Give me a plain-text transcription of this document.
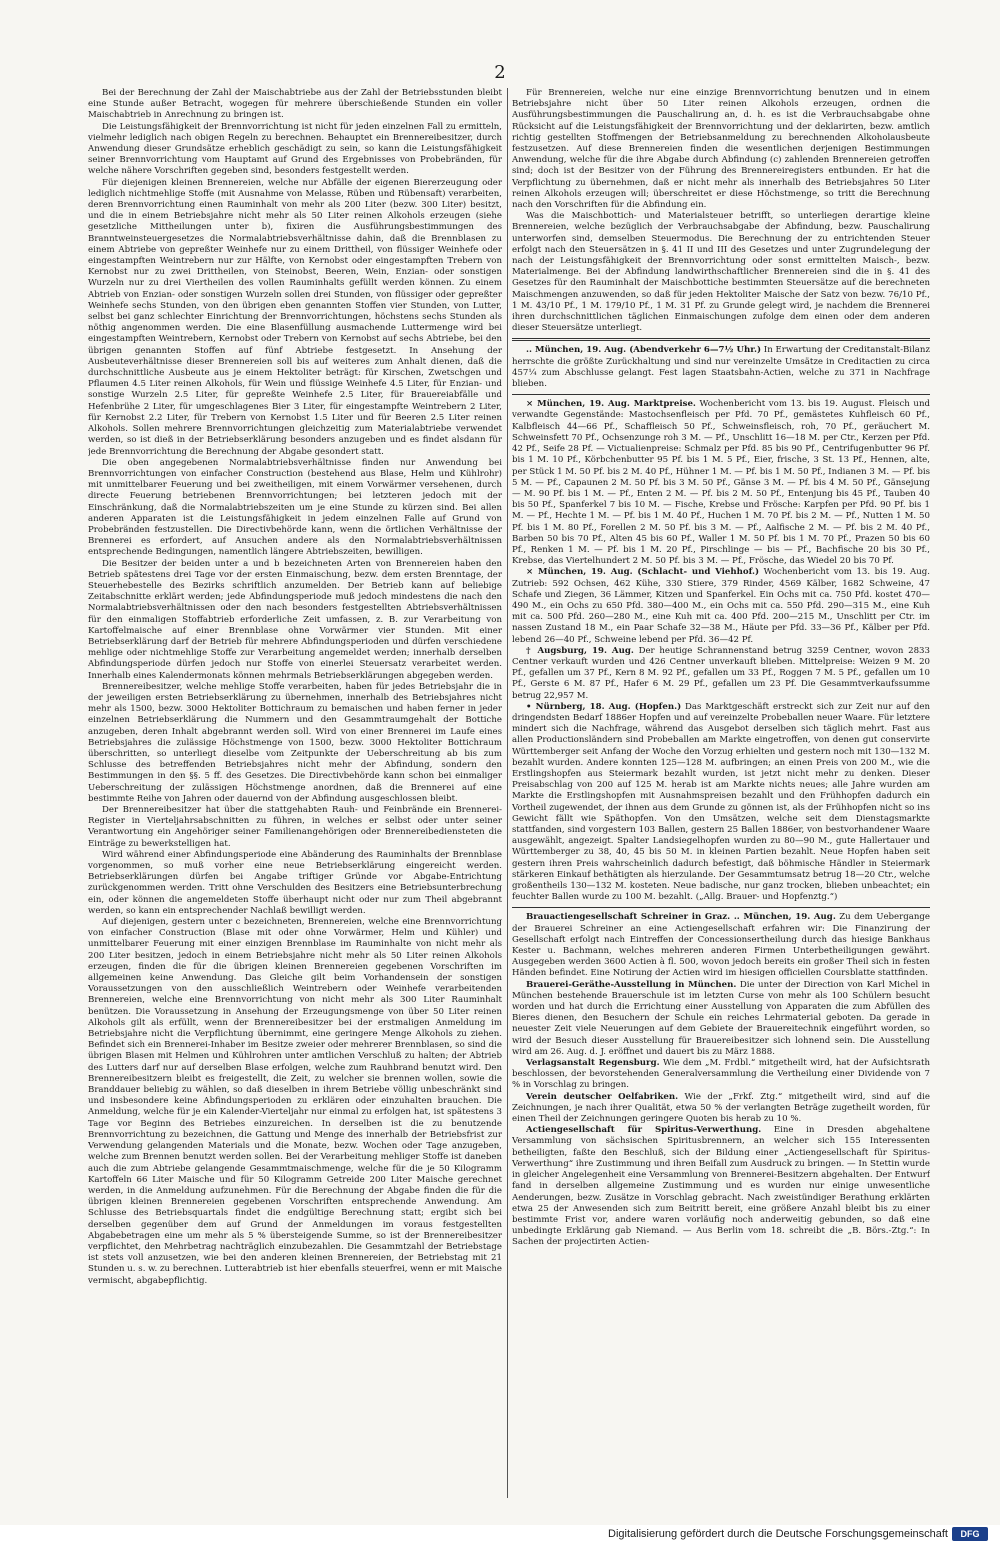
2

Bei der Berechnung der Zahl der Maischabtriebe aus der Zahl der Betriebsstunden bleibt eine Stunde außer Betracht, wogegen für mehrere überschießende Stunden ein voller Maischabtrieb in Anrechnung zu bringen ist.

Die Leistungsfähigkeit der Brennvorrichtung ist nicht für jeden einzelnen Fall zu ermitteln, vielmehr lediglich nach obigen Regeln zu berechnen. Behauptet ein Brennereibesitzer, durch Anwendung dieser Grundsätze erheblich geschädigt zu sein, so kann die Leistungsfähigkeit seiner Brennvorrichtung vom Hauptamt auf Grund des Ergebnisses von Probebränden, für welche nähere Vorschriften gegeben sind, besonders festgestellt werden.

Für diejenigen kleinen Brennereien, welche nur Abfälle der eigenen Biererzeugung oder lediglich nichtmehlige Stoffe (mit Ausnahme von Melasse, Rüben und Rübensaft) verarbeiten, deren Brennvorrichtung einen Rauminhalt von mehr als 200 Liter (bezw. 300 Liter) besitzt, und die in einem Betriebsjahre nicht mehr als 50 Liter reinen Alkohols erzeugen (siehe gesetzliche Mittheilungen unter b), fixiren die Ausführungsbestimmungen des Branntweinsteuergesetzes die Normalabtriebsverhältnisse dahin, daß die Brennblasen zu einem Abtriebe von gepreßter Weinhefe nur zu einem Drittheil, von flüssiger Weinhefe oder eingestampften Weintrebern nur zur Hälfte, von Kernobst oder eingestampften Trebern von Kernobst nur zu zwei Drittheilen, von Steinobst, Beeren, Wein, Enzian- oder sonstigen Wurzeln nur zu drei Viertheilen des vollen Rauminhalts gefüllt werden können. Zu einem Abtrieb von Enzian- oder sonstigen Wurzeln sollen drei Stunden, von flüssiger oder gepreßter Weinhefe sechs Stunden, von den übrigen eben genannten Stoffen vier Stunden, von Lutter, selbst bei ganz schlechter Einrichtung der Brennvorrichtungen, höchstens sechs Stunden als nöthig angenommen werden. Die eine Blasenfüllung ausmachende Luttermenge wird bei eingestampften Weintrebern, Kernobst oder Trebern von Kernobst auf sechs Abtriebe, bei den übrigen genannten Stoffen auf fünf Abtriebe festgesetzt. In Ansehung der Ausbeuteverhältnisse dieser Brennereien soll bis auf weiteres zum Anhalt dienen, daß die durchschnittliche Ausbeute aus je einem Hektoliter beträgt: für Kirschen, Zwetschgen und Pflaumen 4.5 Liter reinen Alkohols, für Wein und flüssige Weinhefe 4.5 Liter, für Enzian- und sonstige Wurzeln 2.5 Liter, für gepreßte Weinhefe 2.5 Liter, für Brauereiabfälle und Hefenbrühe 2 Liter, für umgeschlagenes Bier 3 Liter, für eingestampfte Weintrebern 2 Liter, für Kernobst 2.2 Liter, für Trebern von Kernobst 1.5 Liter und für Beeren 2.5 Liter reinen Alkohols. Sollen mehrere Brennvorrichtungen gleichzeitig zum Materialabtriebe verwendet werden, so ist dieß in der Betriebserklärung besonders anzugeben und es findet alsdann für jede Brennvorrichtung die Berechnung der Abgabe gesondert statt.

Die oben angegebenen Normalabtriebsverhältnisse finden nur Anwendung bei Brennvorrichtungen von einfacher Construction (bestehend aus Blase, Helm und Kühlrohr) mit unmittelbarer Feuerung und bei zweitheiligen, mit einem Vorwärmer versehenen, durch directe Feuerung betriebenen Brennvorrichtungen; bei letzteren jedoch mit der Einschränkung, daß die Normalabtriebszeiten um je eine Stunde zu kürzen sind. Bei allen anderen Apparaten ist die Leistungsfähigkeit in jedem einzelnen Falle auf Grund von Probebränden festzustellen. Die Directivbehörde kann, wenn die örtlichen Verhältnisse der Brennerei es erfordert, auf Ansuchen andere als den Normalabtriebsverhältnissen entsprechende Bedingungen, namentlich längere Abtriebszeiten, bewilligen.

Die Besitzer der beiden unter a und b bezeichneten Arten von Brennereien haben den Betrieb spätestens drei Tage vor der ersten Einmaischung, bezw. dem ersten Brenntage, der Steuerhebestelle des Bezirks schriftlich anzumelden. Der Betrieb kann auf beliebige Zeitabschnitte erklärt werden; jede Abfindungsperiode muß jedoch mindestens die nach den Normalabtriebsverhältnissen oder den nach besonders festgestellten Abtriebsverhältnissen für den einmaligen Stoffabtrieb erforderliche Zeit umfassen, z. B. zur Verarbeitung von Kartoffelmaische auf einer Brennblase ohne Vorwärmer vier Stunden. Mit einer Betriebserklärung darf der Betrieb für mehrere Abfindungsperioden und dürfen verschiedene mehlige oder nichtmehlige Stoffe zur Verarbeitung angemeldet werden; innerhalb derselben Abfindungsperiode dürfen jedoch nur Stoffe von einerlei Steuersatz verarbeitet werden. Innerhalb eines Kalendermonats können mehrmals Betriebserklärungen abgegeben werden.

Brennereibesitzer, welche mehlige Stoffe verarbeiten, haben für jedes Betriebsjahr die in der jeweiligen ersten Betriebserklärung zu übernehmen, innerhalb des Betriebsjahres nicht mehr als 1500, bezw. 3000 Hektoliter Bottichraum zu bemaischen und haben ferner in jeder einzelnen Betriebserklärung die Nummern und den Gesammtraumgehalt der Bottiche anzugeben, deren Inhalt abgebrannt werden soll. Wird von einer Brennerei im Laufe eines Betriebsjahres die zulässige Höchstmenge von 1500, bezw. 3000 Hektoliter Bottichraum überschritten, so unterliegt dieselbe vom Zeitpunkte der Ueberschreitung ab bis zum Schlusse des betreffenden Betriebsjahres nicht mehr der Abfindung, sondern den Bestimmungen in den §§. 5 ff. des Gesetzes. Die Directivbehörde kann schon bei einmaliger Ueberschreitung der zulässigen Höchstmenge anordnen, daß die Brennerei auf eine bestimmte Reihe von Jahren oder dauernd von der Abfindung ausgeschlossen bleibt.

Der Brennereibesitzer hat über die stattgehabten Rauh- und Feinbrände ein Brennerei-Register in Vierteljahrsabschnitten zu führen, in welches er selbst oder unter seiner Verantwortung ein Angehöriger seiner Familienangehörigen oder Brennereibediensteten die Einträge zu bewerkstelligen hat.

Wird während einer Abfindungsperiode eine Abänderung des Rauminhalts der Brennblase vorgenommen, so muß vorher eine neue Betriebserklärung eingereicht werden. Betriebserklärungen dürfen bei Angabe triftiger Gründe vor Abgabe-Entrichtung zurückgenommen werden. Tritt ohne Verschulden des Besitzers eine Betriebsunterbrechung ein, oder können die angemeldeten Stoffe überhaupt nicht oder nur zum Theil abgebrannt werden, so kann ein entsprechender Nachlaß bewilligt werden.

Auf diejenigen, gestern unter c bezeichneten, Brennereien, welche eine Brennvorrichtung von einfacher Construction (Blase mit oder ohne Vorwärmer, Helm und Kühler) und unmittelbarer Feuerung mit einer einzigen Brennblase im Rauminhalte von nicht mehr als 200 Liter besitzen, jedoch in einem Betriebsjahre nicht mehr als 50 Liter reinen Alkohols erzeugen, finden die für die übrigen kleinen Brennereien gegebenen Vorschriften im allgemeinen keine Anwendung. Das Gleiche gilt beim Vorhandensein der sonstigen Voraussetzungen von den ausschließlich Weintrebern oder Weinhefe verarbeitenden Brennereien, welche eine Brennvorrichtung von nicht mehr als 300 Liter Rauminhalt benützen. Die Voraussetzung in Ansehung der Erzeugungsmenge von über 50 Liter reinen Alkohols gilt als erfüllt, wenn der Brennereibesitzer bei der erstmaligen Anmeldung im Betriebsjahre nicht die Verpflichtung übernimmt, eine geringere Menge Alkohols zu ziehen. Befindet sich ein Brennerei-Inhaber im Besitze zweier oder mehrerer Brennblasen, so sind die übrigen Blasen mit Helmen und Kühlrohren unter amtlichen Verschluß zu halten; der Abtrieb des Lutters darf nur auf derselben Blase erfolgen, welche zum Rauhbrand benutzt wird. Den Brennereibesitzern bleibt es freigestellt, die Zeit, zu welcher sie brennen wollen, sowie die Branddauer beliebig zu wählen, so daß dieselben in ihrem Betriebe völlig unbeschränkt sind und insbesondere keine Abfindungsperioden zu erklären oder einzuhalten brauchen. Die Anmeldung, welche für je ein Kalender-Vierteljahr nur einmal zu erfolgen hat, ist spätestens 3 Tage vor Beginn des Betriebes einzureichen. In derselben ist die zu benutzende Brennvorrichtung zu bezeichnen, die Gattung und Menge des innerhalb der Betriebsfrist zur Verwendung gelangenden Materials und die Monate, bezw. Wochen oder Tage anzugeben, welche zum Brennen benutzt werden sollen. Bei der Verarbeitung mehliger Stoffe ist daneben auch die zum Abtriebe gelangende Gesammtmaischmenge, welche für die je 50 Kilogramm Kartoffeln 66 Liter Maische und für 50 Kilogramm Getreide 200 Liter Maische gerechnet werden, in die Anmeldung aufzunehmen. Für die Berechnung der Abgabe finden die für die übrigen kleinen Brennereien gegebenen Vorschriften entsprechende Anwendung. Am Schlusse des Betriebsquartals findet die endgültige Berechnung statt; ergibt sich bei derselben gegenüber dem auf Grund der Anmeldungen im voraus festgestellten Abgabebetragen eine um mehr als 5 % übersteigende Summe, so ist der Brennereibesitzer verpflichtet, den Mehrbetrag nachträglich einzubezahlen. Die Gesammtzahl der Betriebstage ist stets voll anzusetzen, wie bei den anderen kleinen Brennereien, der Betriebstag mit 21 Stunden u. s. w. zu berechnen. Lutterabtrieb ist hier ebenfalls steuerfrei, wenn er mit Maische vermischt, abgabepflichtig.

Für Brennereien, welche nur eine einzige Brennvorrichtung benutzen und in einem Betriebsjahre nicht über 50 Liter reinen Alkohols erzeugen, ordnen die Ausführungsbestimmungen die Pauschalirung an, d. h. es ist die Verbrauchsabgabe ohne Rücksicht auf die Leistungsfähigkeit der Brennvorrichtung und der deklarirten, bezw. amtlich richtig gestellten Stoffmengen der Betriebsanmeldung zu berechnenden Alkoholausbeute festzusetzen. Auf diese Brennereien finden die wesentlichen derjenigen Bestimmungen Anwendung, welche für die ihre Abgabe durch Abfindung (c) zahlenden Brennereien getroffen sind; doch ist der Besitzer von der Führung des Brennereiregisters entbunden. Er hat die Verpflichtung zu übernehmen, daß er nicht mehr als innerhalb des Betriebsjahres 50 Liter reinen Alkohols erzeugen will; überschreitet er diese Höchstmenge, so tritt die Berechnung nach den Vorschriften für die Abfindung ein.

Was die Maischbottich- und Materialsteuer betrifft, so unterliegen derartige kleine Brennereien, welche bezüglich der Verbrauchsabgabe der Abfindung, bezw. Pauschalirung unterworfen sind, demselben Steuermodus. Die Berechnung der zu entrichtenden Steuer erfolgt nach den Steuersätzen in §. 41 II und III des Gesetzes und unter Zugrundelegung der nach der Leistungsfähigkeit der Brennvorrichtung oder sonst ermittelten Maisch-, bezw. Materialmenge. Bei der Abfindung landwirthschaftlicher Brennereien sind die in §. 41 des Gesetzes für den Rauminhalt der Maischbottiche bestimmten Steuersätze auf die berechneten Maischmengen anzuwenden, so daß für jeden Hektoliter Maische der Satz von bezw. 76/10 Pf., 1 M. 43/10 Pf., 1 M. 179/10 Pf., 1 M. 31 Pf. zu Grunde gelegt wird, je nachdem die Brennerei ihren durchschnittlichen täglichen Einmaischungen zufolge dem einen oder dem anderen dieser Steuersätze unterliegt.

.. München, 19. Aug. (Abendverkehr 6—7½ Uhr.) In Erwartung der Creditanstalt-Bilanz herrschte die größte Zurückhaltung und sind nur vereinzelte Umsätze in Creditactien zu circa 457¼ zum Abschlusse gelangt. Fest lagen Staatsbahn-Actien, welche zu 371 in Nachfrage blieben.

× München, 19. Aug. Marktpreise. Wochenbericht vom 13. bis 19. August. Fleisch und verwandte Gegenstände: Mastochsenfleisch per Pfd. 70 Pf., gemästetes Kuhfleisch 60 Pf., Kalbfleisch 44—66 Pf., Schaffleisch 50 Pf., Schweinsfleisch, roh, 70 Pf., geräuchert M. Schweinsfett 70 Pf., Ochsenzunge roh 3 M. — Pf., Unschlitt 16—18 M. per Ctr., Kerzen per Pfd. 42 Pf., Seife 28 Pf. — Victualienpreise: Schmalz per Pfd. 85 bis 90 Pf., Centrifugenbutter 96 Pf. bis 1 M. 10 Pf., Körbchenbutter 95 Pf. bis 1 M. 5 Pf., Eier, frische, 3 St. 13 Pf., Hennen, alte, per Stück 1 M. 50 Pf. bis 2 M. 40 Pf., Hühner 1 M. — Pf. bis 1 M. 50 Pf., Indianen 3 M. — Pf. bis 5 M. — Pf., Capaunen 2 M. 50 Pf. bis 3 M. 50 Pf., Gänse 3 M. — Pf. bis 4 M. 50 Pf., Gänsejung — M. 90 Pf. bis 1 M. — Pf., Enten 2 M. — Pf. bis 2 M. 50 Pf., Entenjung bis 45 Pf., Tauben 40 bis 50 Pf., Spanferkel 7 bis 10 M. — Fische, Krebse und Frösche: Karpfen per Pfd. 90 Pf. bis 1 M. — Pf., Hechte 1 M. — Pf. bis 1 M. 40 Pf., Huchen 1 M. 70 Pf. bis 2 M. — Pf., Nutten 1 M. 50 Pf. bis 1 M. 80 Pf., Forellen 2 M. 50 Pf. bis 3 M. — Pf., Aalfische 2 M. — Pf. bis 2 M. 40 Pf., Barben 50 bis 70 Pf., Alten 45 bis 60 Pf., Waller 1 M. 50 Pf. bis 1 M. 70 Pf., Prazen 50 bis 60 Pf., Renken 1 M. — Pf. bis 1 M. 20 Pf., Pirschlinge — bis — Pf., Bachfische 20 bis 30 Pf., Krebse, das Viertelhundert 2 M. 50 Pf. bis 3 M. — Pf., Frösche, das Wiedel 20 bis 70 Pf.

× München, 19. Aug. (Schlacht- und Viehhof.) Wochenbericht vom 13. bis 19. Aug. Zutrieb: 592 Ochsen, 462 Kühe, 330 Stiere, 379 Rinder, 4569 Kälber, 1682 Schweine, 47 Schafe und Ziegen, 36 Lämmer, Kitzen und Spanferkel. Ein Ochs mit ca. 750 Pfd. kostet 470—490 M., ein Ochs zu 650 Pfd. 380—400 M., ein Ochs mit ca. 550 Pfd. 290—315 M., eine Kuh mit ca. 500 Pfd. 260—280 M., eine Kuh mit ca. 400 Pfd. 200—215 M., Unschlitt per Ctr. im nassen Zustand 18 M., ein Paar Schafe 32—38 M., Häute per Pfd. 33—36 Pf., Kälber per Pfd. lebend 26—40 Pf., Schweine lebend per Pfd. 36—42 Pf.

† Augsburg, 19. Aug. Der heutige Schrannenstand betrug 3259 Centner, wovon 2833 Centner verkauft wurden und 426 Centner unverkauft blieben. Mittelpreise: Weizen 9 M. 20 Pf., gefallen um 37 Pf., Kern 8 M. 92 Pf., gefallen um 33 Pf., Roggen 7 M. 5 Pf., gefallen um 10 Pf., Gerste 6 M. 87 Pf., Hafer 6 M. 29 Pf., gefallen um 23 Pf. Die Gesammtverkaufssumme betrug 22,957 M.

• Nürnberg, 18. Aug. (Hopfen.) Das Marktgeschäft erstreckt sich zur Zeit nur auf den dringendsten Bedarf 1886er Hopfen und auf vereinzelte Probeballen neuer Waare. Für letztere mindert sich die Nachfrage, während das Ausgebot derselben sich täglich mehrt. Fast aus allen Productionsländern sind Probeballen am Markte eingetroffen, von denen gut conservirte Württemberger seit Anfang der Woche den Vorzug erhielten und gestern noch mit 130—132 M. bezahlt wurden. Andere konnten 125—128 M. aufbringen; an einen Preis von 200 M., wie die Erstlingshopfen aus Steiermark bezahlt wurden, ist jetzt nicht mehr zu denken. Dieser Preisabschlag von 200 auf 125 M. herab ist am Markte nichts neues; alle Jahre wurden am Markte die Erstlingshopfen mit Ausnahmspreisen bezahlt und den Frühhopfen dadurch ein Vortheil zugewendet, der ihnen aus dem Grunde zu gönnen ist, als der Frühhopfen nicht so ins Gewicht fällt wie Späthopfen. Von den Umsätzen, welche seit dem Dienstagsmarkte stattfanden, sind vorgestern 103 Ballen, gestern 25 Ballen 1886er, von bestvorhandener Waare ausgewählt, angezeigt. Spalter Landsiegelhopfen wurden zu 80—90 M., gute Hallertauer und Württemberger zu 38, 40, 45 bis 50 M. in kleinen Partien bezahlt. Neue Hopfen haben seit gestern ihren Preis wahrscheinlich dadurch befestigt, daß böhmische Händler in Steiermark stärkeren Einkauf bethätigten als hierzulande. Der Gesammtumsatz betrug 18—20 Ctr., welche großentheils 130—132 M. kosteten. Neue badische, nur ganz trocken, blieben unbeachtet; ein feuchter Ballen wurde zu 100 M. bezahlt. („Allg. Brauer- und Hopfenztg.“)

Brauactiengesellschaft Schreiner in Graz. .. München, 19. Aug. Zu dem Uebergange der Brauerei Schreiner an eine Actiengesellschaft erfahren wir: Die Finanzirung der Gesellschaft erfolgt nach Eintreffen der Concessionsertheilung durch das hiesige Bankhaus Kester u. Bachmann, welches mehreren anderen Firmen Unterbetheiligungen gewährt. Ausgegeben werden 3600 Actien à fl. 500, wovon jedoch bereits ein großer Theil sich in festen Händen befindet. Eine Notirung der Actien wird im hiesigen officiellen Coursblatte stattfinden.

Brauerei-Geräthe-Ausstellung in München. Die unter der Direction von Karl Michel in München bestehende Brauerschule ist im letzten Curse von mehr als 100 Schülern besucht worden und hat durch die Errichtung einer Ausstellung von Apparaten die zum Abfüllen des Bieres dienen, den Besuchern der Schule ein reiches Lehrmaterial geboten. Da gerade in neuester Zeit viele Neuerungen auf dem Gebiete der Brauereitechnik eingeführt worden, so wird der Besuch dieser Ausstellung für Brauereibesitzer sich lohnend sein. Die Ausstellung wird am 26. Aug. d. J. eröffnet und dauert bis zu März 1888.

Verlagsanstalt Regensburg. Wie dem „M. Frdbl.“ mitgetheilt wird, hat der Aufsichtsrath beschlossen, der bevorstehenden Generalversammlung die Vertheilung einer Dividende von 7 % in Vorschlag zu bringen.

Verein deutscher Oelfabriken. Wie der „Frkf. Ztg.“ mitgetheilt wird, sind auf die Zeichnungen, je nach ihrer Qualität, etwa 50 % der verlangten Beträge zugetheilt worden, für einen Theil der Zeichnungen geringere Quoten bis herab zu 10 %.

Actiengesellschaft für Spiritus-Verwerthung. Eine in Dresden abgehaltene Versammlung von sächsischen Spiritusbrennern, an welcher sich 155 Interessenten betheiligten, faßte den Beschluß, sich der Bildung einer „Actiengesellschaft für Spiritus-Verwerthung“ ihre Zustimmung und ihren Beifall zum Ausdruck zu bringen. — In Stettin wurde in gleicher Angelegenheit eine Versammlung von Brennerei-Besitzern abgehalten. Der Entwurf fand in derselben allgemeine Zustimmung und es wurden nur einige unwesentliche Aenderungen, bezw. Zusätze in Vorschlag gebracht. Nach zweistündiger Berathung erklärten etwa 25 der Anwesenden sich zum Beitritt bereit, eine größere Anzahl bleibt bis zu einer bestimmte Frist vor, andere waren vorläufig noch anderweitig gebunden, so daß eine unbedingte Erklärung gab Niemand. — Aus Berlin vom 18. schreibt die „B. Börs.-Ztg.“: In Sachen der projectirten Actien-

Digitalisierung gefördert durch die Deutsche Forschungsgemeinschaft	DFG
